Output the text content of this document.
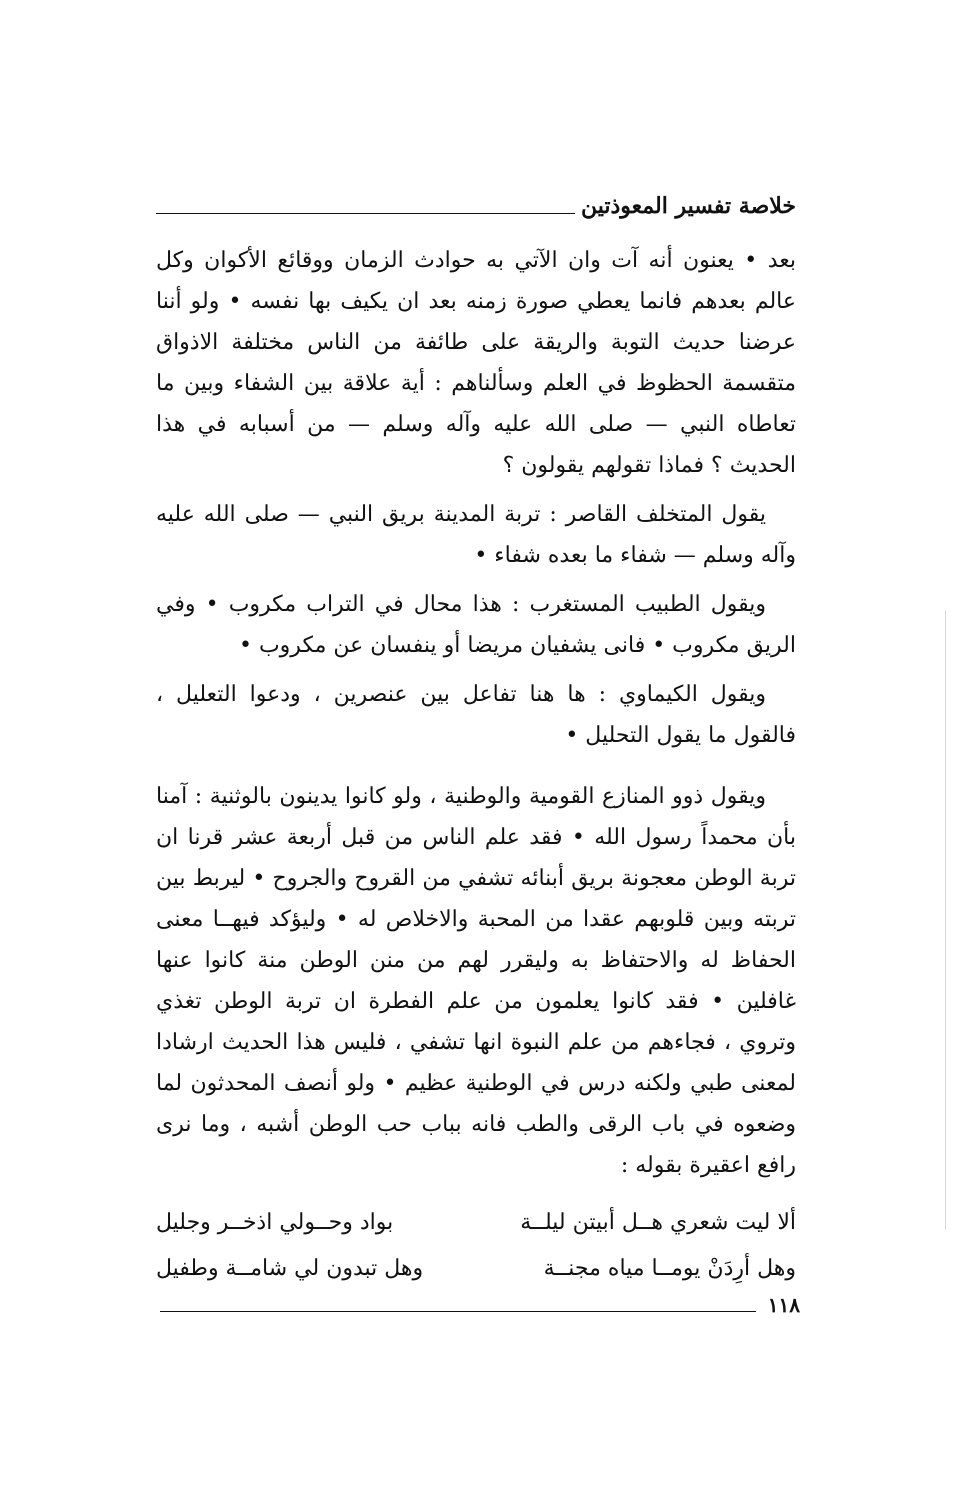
خلاصة تفسير المعوذتين

بعد • يعنون أنه آت وان الآتي به حوادث الزمان ووقائع الأكوان وكل عالم بعدهم فانما يعطي صورة زمنه بعد ان يكيف بها نفسه • ولو أننا عرضنا حديث التوبة والريقة على طائفة من الناس مختلفة الاذواق متقسمة الحظوظ في العلم وسألناهم : أية علاقة بين الشفاء وبين ما تعاطاه النبي — صلى الله عليه وآله وسلم — من أسبابه في هذا الحديث ؟ فماذا تقولهم يقولون ؟

يقول المتخلف القاصر : تربة المدينة بريق النبي — صلى الله عليه وآله وسلم — شفاء ما بعده شفاء •

ويقول الطبيب المستغرب : هذا محال في التراب مكروب • وفي الريق مكروب • فانى يشفيان مريضا أو ينفسان عن مكروب •

ويقول الكيماوي : ها هنا تفاعل بين عنصرين ، ودعوا التعليل ، فالقول ما يقول التحليل •

ويقول ذوو المنازع القومية والوطنية ، ولو كانوا يدينون بالوثنية : آمنا بأن محمداً رسول الله • فقد علم الناس من قبل أربعة عشر قرنا ان تربة الوطن معجونة بريق أبنائه تشفي من القروح والجروح • ليربط بين تربته وبين قلوبهم عقدا من المحبة والاخلاص له • وليؤكد فيهــا معنى الحفاظ له والاحتفاظ به وليقرر لهم من منن الوطن منة كانوا عنها غافلين • فقد كانوا يعلمون من علم الفطرة ان تربة الوطن تغذي وتروي ، فجاءهم من علم النبوة انها تشفي ، فليس هذا الحديث ارشادا لمعنى طبي ولكنه درس في الوطنية عظيم • ولو أنصف المحدثون لما وضعوه في باب الرقى والطب فانه بباب حب الوطن أشبه ، وما نرى رافع اعقيرة بقوله :

ألا ليت شعري هــل أبيتن ليلــة
بواد وحــولي اذخــر وجليل
وهل أرِدَنْ يومــا مياه مجنــة
وهل تبدون لي شامــة وطفيل
١١٨
